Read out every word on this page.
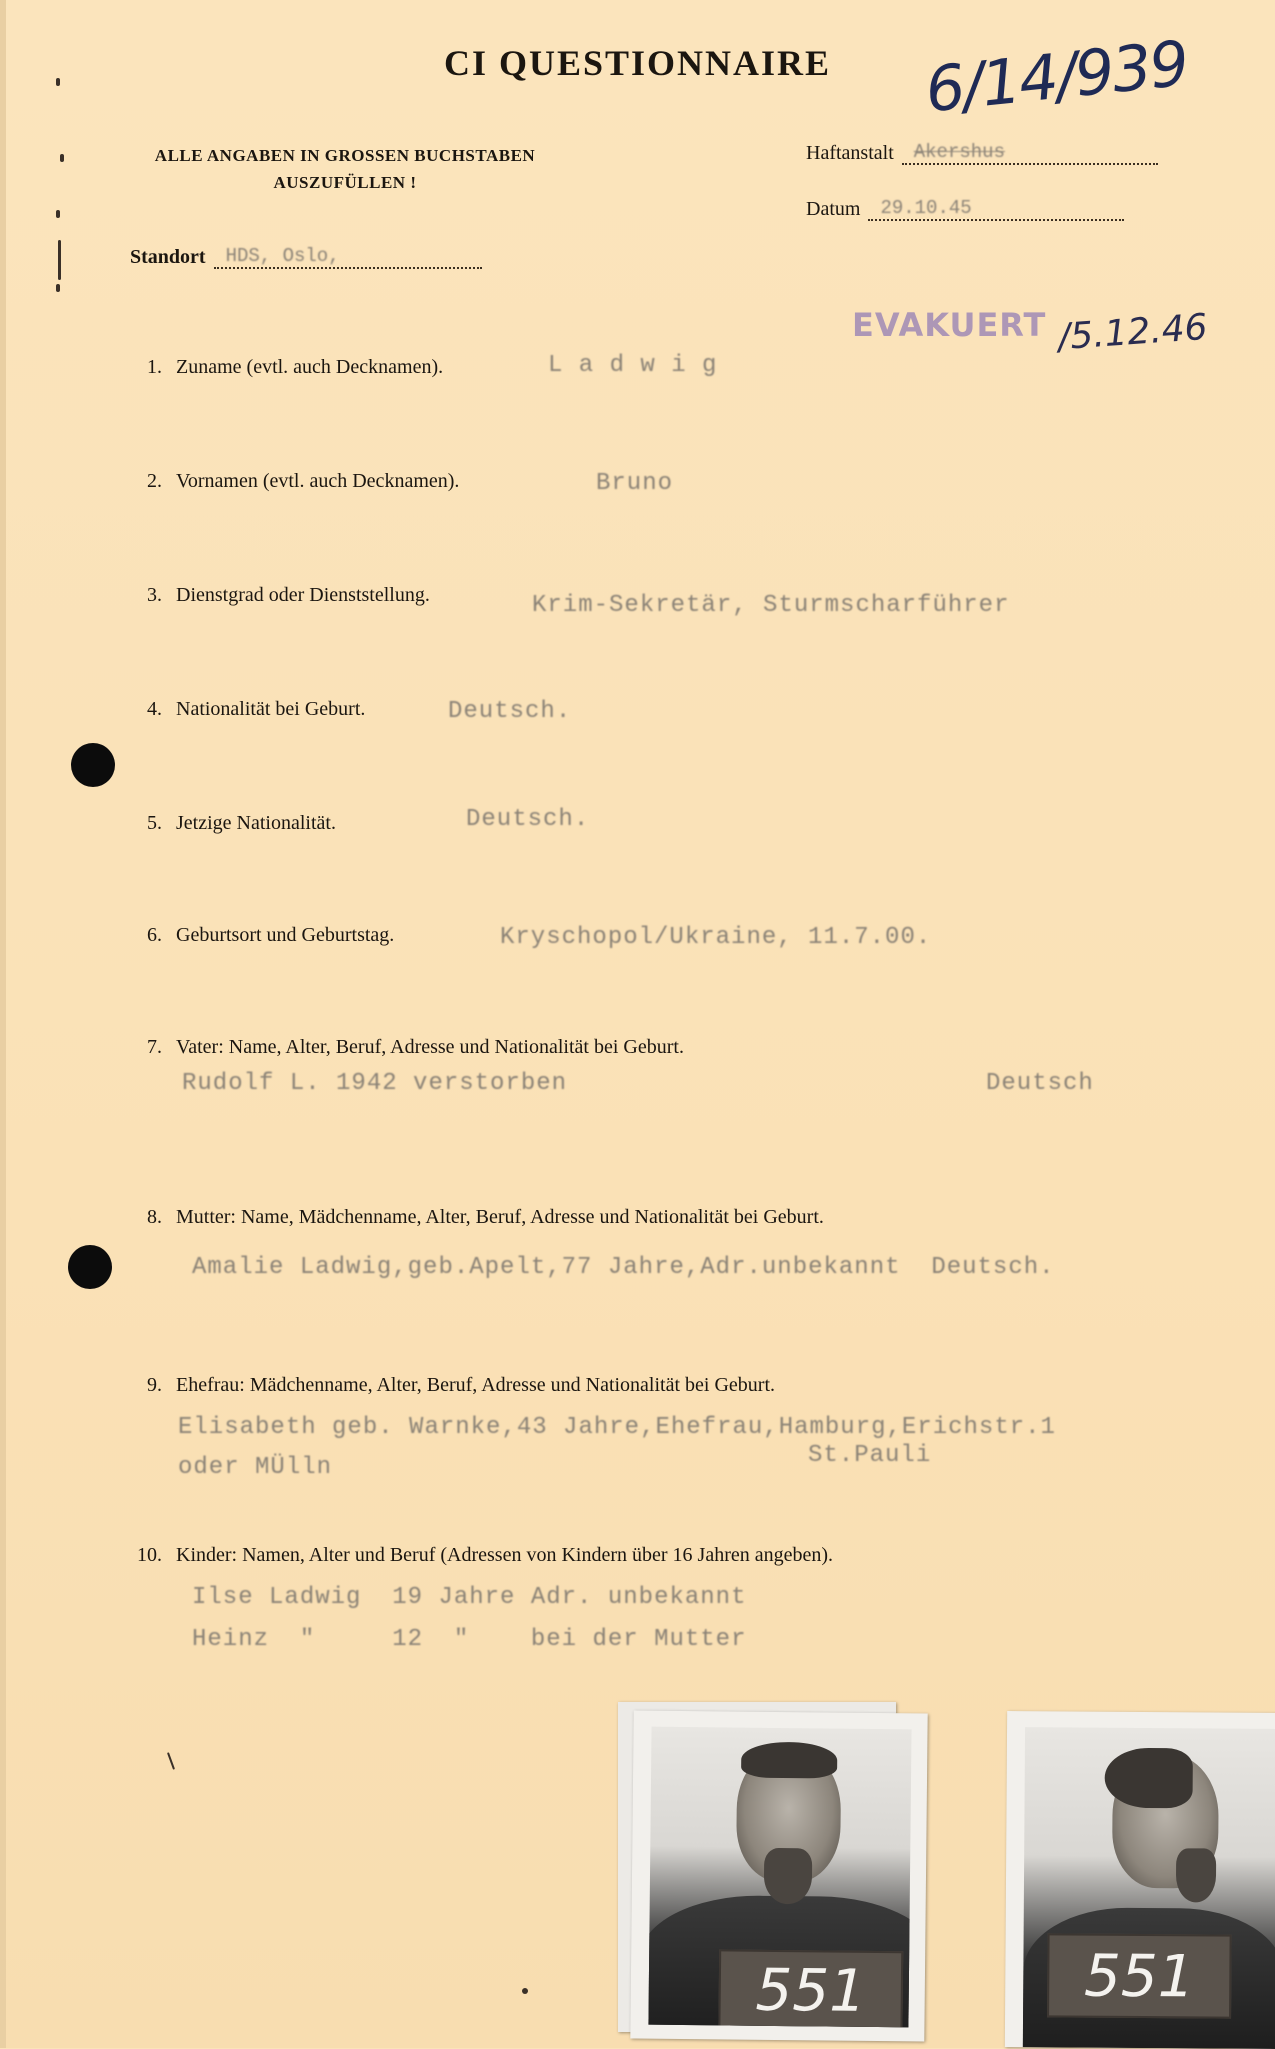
CI QUESTIONNAIRE	6/14/939
ALLE ANGABEN IN GROSSEN BUCHSTABEN
AUSZUFÜLLEN !
Haftanstalt Akershus
Datum 29.10.45
Standort HDS, Oslo,
EVAKUERT /5.12.46
1. Zuname (evtl. auch Decknamen).	L a d w i g
2. Vornamen (evtl. auch Decknamen).	Bruno
3. Dienstgrad oder Dienststellung.	Krim-Sekretär, Sturmscharführer
4. Nationalität bei Geburt.	Deutsch.
5. Jetzige Nationalität.	Deutsch.
6. Geburtsort und Geburtstag.	Kryschopol/Ukraine, 11.7.00.
7. Vater: Name, Alter, Beruf, Adresse und Nationalität bei Geburt.
Rudolf L. 1942 verstorben	Deutsch
8. Mutter: Name, Mädchenname, Alter, Beruf, Adresse und Nationalität bei Geburt.
Amalie Ladwig,geb.Apelt,77 Jahre,Adr.unbekannt  Deutsch.
9. Ehefrau: Mädchenname, Alter, Beruf, Adresse und Nationalität bei Geburt.
Elisabeth geb. Warnke,43 Jahre,Ehefrau,Hamburg,Erichstr.1
oder MÜlln	St.Pauli
10. Kinder: Namen, Alter und Beruf (Adressen von Kindern über 16 Jahren angeben).
Ilse Ladwig  19 Jahre Adr. unbekannt
Heinz  "     12  "    bei der Mutter
551	551
